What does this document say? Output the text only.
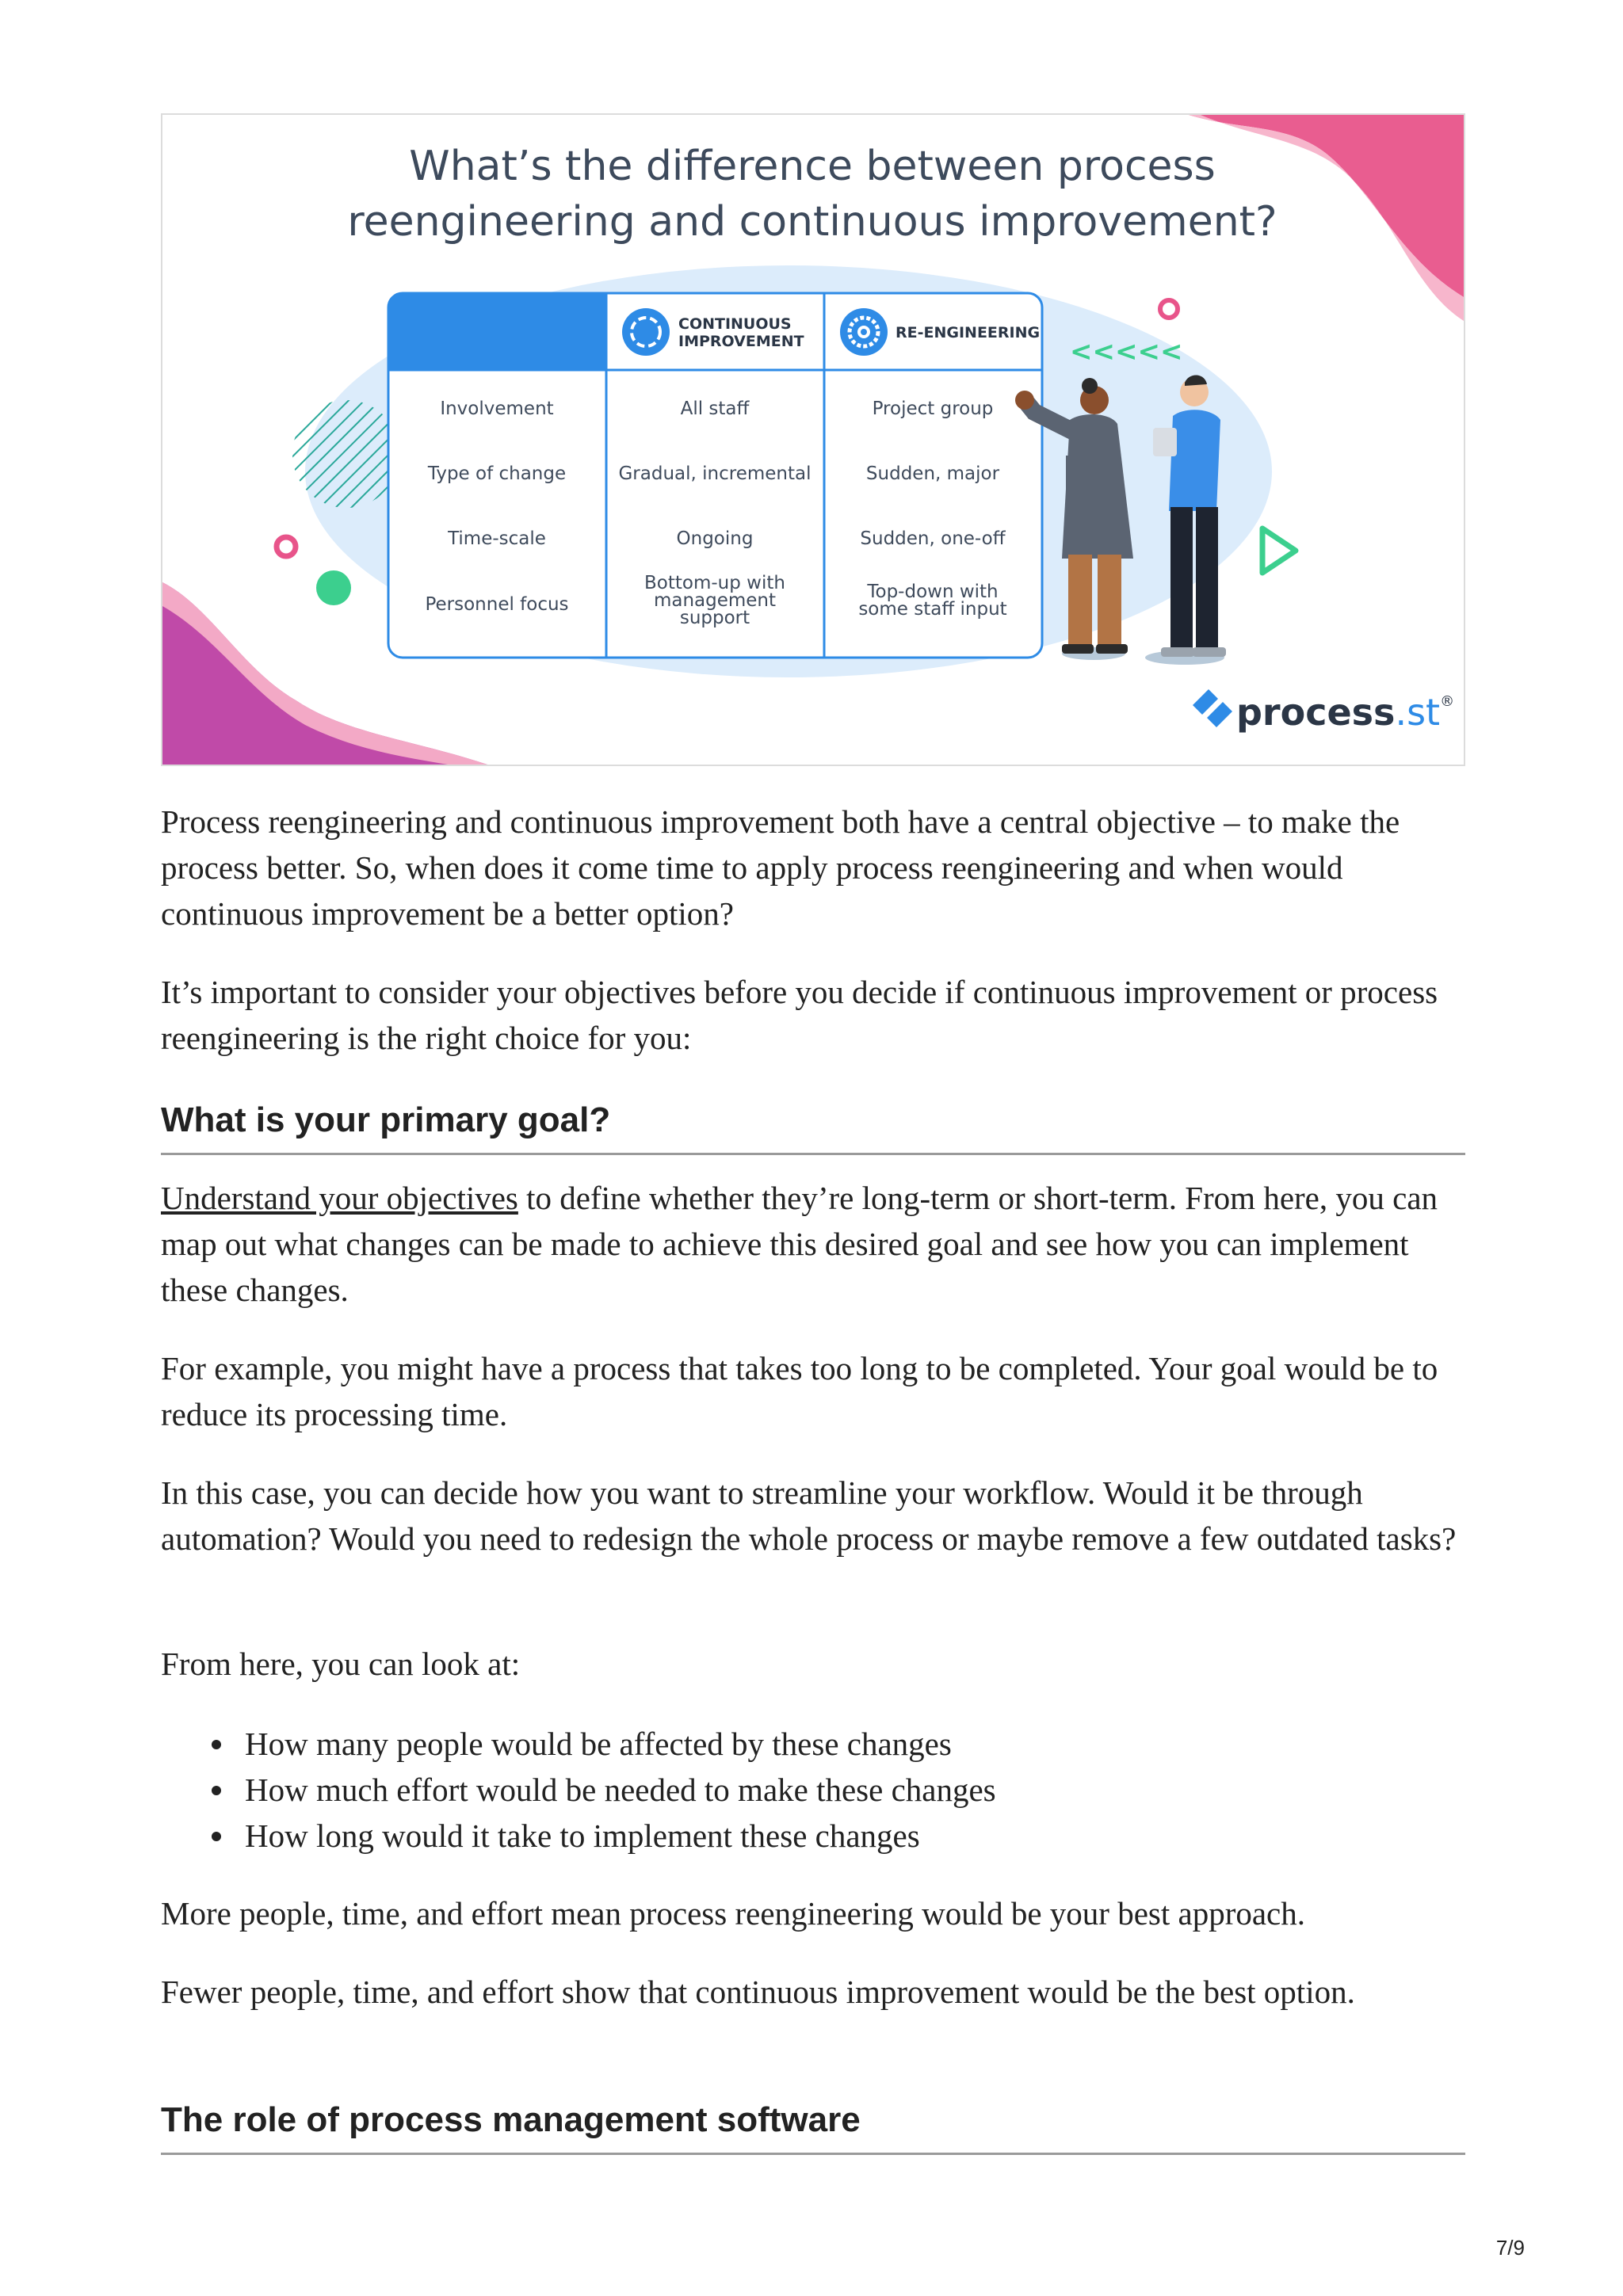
What’s the difference between process
reengineering and continuous improvement?
CONTINUOUS
IMPROVEMENT	RE-ENGINEERING
Involvement
Type of change
Time-scale
Personnel focus
All staff
Gradual, incremental
Ongoing
Bottom-up with
management
support
Project group
Sudden, major
Sudden, one-off
Top-down with
some staff input
<<<<<
process.st®

Process reengineering and continuous improvement both have a central objective – to make the process better. So, when does it come time to apply process reengineering and when would continuous improvement be a better option?

It’s important to consider your objectives before you decide if continuous improvement or process reengineering is the right choice for you:

What is your primary goal?

Understand your objectives to define whether they’re long-term or short-term. From here, you can map out what changes can be made to achieve this desired goal and see how you can implement these changes.

For example, you might have a process that takes too long to be completed. Your goal would be to reduce its processing time.

In this case, you can decide how you want to streamline your workflow. Would it be through automation? Would you need to redesign the whole process or maybe remove a few outdated tasks?

From here, you can look at:

How many people would be affected by these changes
How much effort would be needed to make these changes
How long would it take to implement these changes

More people, time, and effort mean process reengineering would be your best approach.

Fewer people, time, and effort show that continuous improvement would be the best option.

The role of process management software
7/9
